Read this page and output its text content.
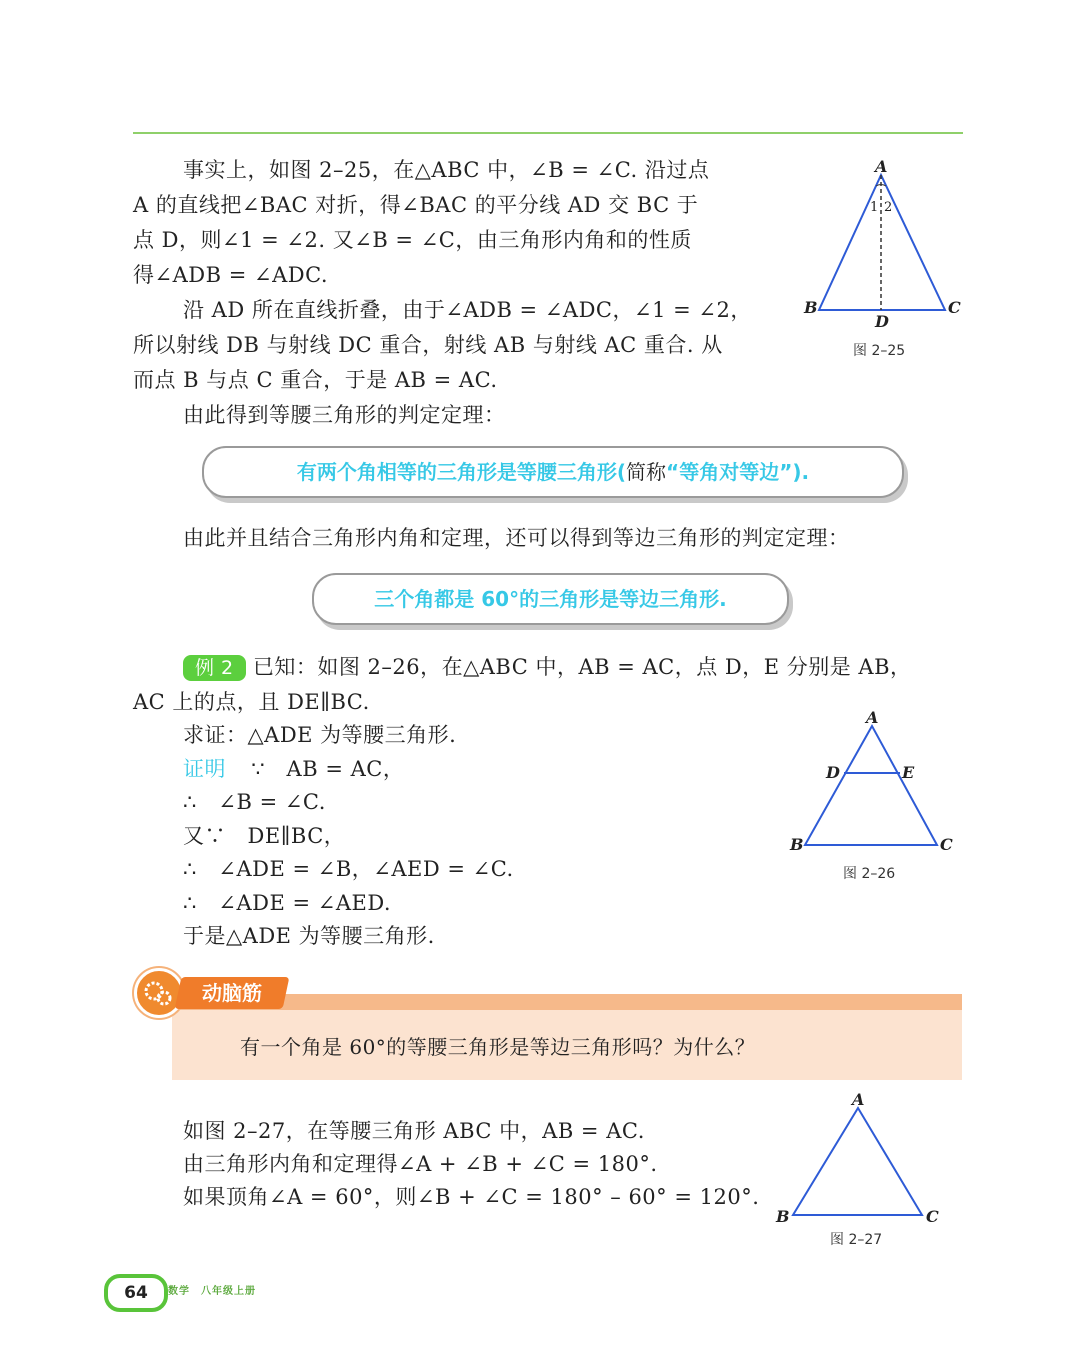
事实上，如图 2–25，在△ABC 中，∠B = ∠C. 沿过点
A 的直线把∠BAC 对折，得∠BAC 的平分线 AD 交 BC 于
点 D，则∠1 = ∠2. 又∠B = ∠C，由三角形内角和的性质
得∠ADB = ∠ADC.
沿 AD 所在直线折叠，由于∠ADB = ∠ADC，∠1 = ∠2，
所以射线 DB 与射线 DC 重合，射线 AB 与射线 AC 重合. 从
而点 B 与点 C 重合，于是 AB = AC.
由此得到等腰三角形的判定定理：
有两个角相等的三角形是等腰三角形(简称“等角对等边”).
由此并且结合三角形内角和定理，还可以得到等边三角形的判定定理：
三个角都是 60°的三角形是等边三角形.
例 2 已知：如图 2–26，在△ABC 中，AB = AC，点 D，E 分别是 AB，
AC 上的点，且 DE∥BC.
求证：△ADE 为等腰三角形.
证明 ∵　AB = AC，
∴　∠B = ∠C.
又∵　DE∥BC，
∴　∠ADE = ∠B，∠AED = ∠C.
∴　∠ADE = ∠AED.
于是△ADE 为等腰三角形.
动脑筋
有一个角是 60°的等腰三角形是等边三角形吗？为什么？
如图 2–27，在等腰三角形 ABC 中，AB = AC.
由三角形内角和定理得∠A + ∠B + ∠C = 180°.
如果顶角∠A = 60°，则∠B + ∠C = 180° – 60° = 120°.
A
B	C
D
1 2
图 2–25
A
D	E
B	C
图 2–26
A
B	C
图 2–27
64	数学　八年级上册
